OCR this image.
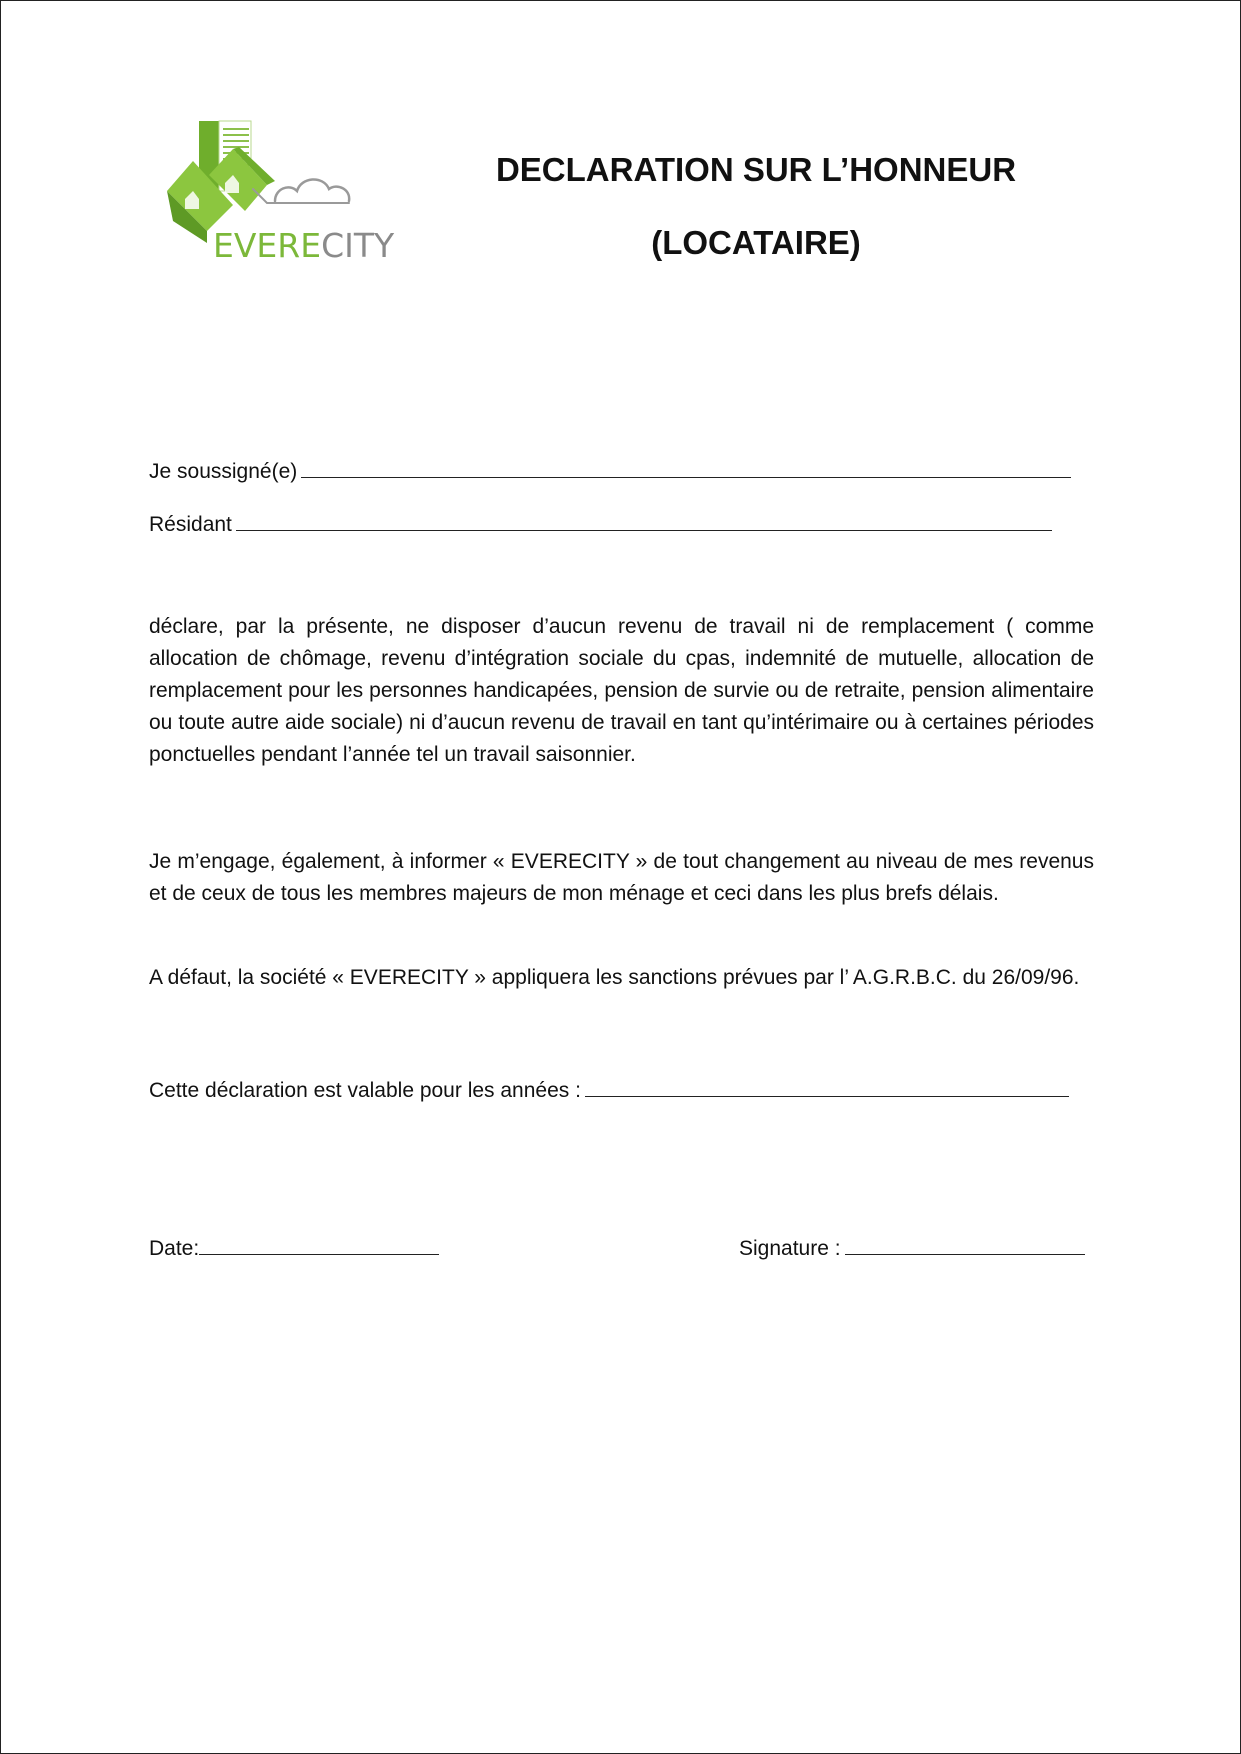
EVERECITY
DECLARATION SUR L’HONNEUR
(LOCATAIRE)
Je soussigné(e)
Résidant
déclare, par la présente, ne disposer d’aucun revenu de travail ni de remplacement ( comme allocation de chômage, revenu d’intégration sociale du cpas, indemnité de mutuelle, allocation de remplacement pour les personnes handicapées, pension de survie ou de retraite, pension alimentaire ou toute autre aide sociale) ni d’aucun revenu de travail en tant qu’intérimaire ou à certaines périodes ponctuelles pendant l’année tel un travail saisonnier.
Je m’engage, également, à informer « EVERECITY » de tout changement au niveau de mes revenus et de ceux de tous les membres majeurs de mon ménage et ceci dans les plus brefs délais.
A défaut, la société « EVERECITY » appliquera les sanctions prévues par l’ A.G.R.B.C. du 26/09/96.
Cette déclaration est valable pour les années :
Date:	Signature :
